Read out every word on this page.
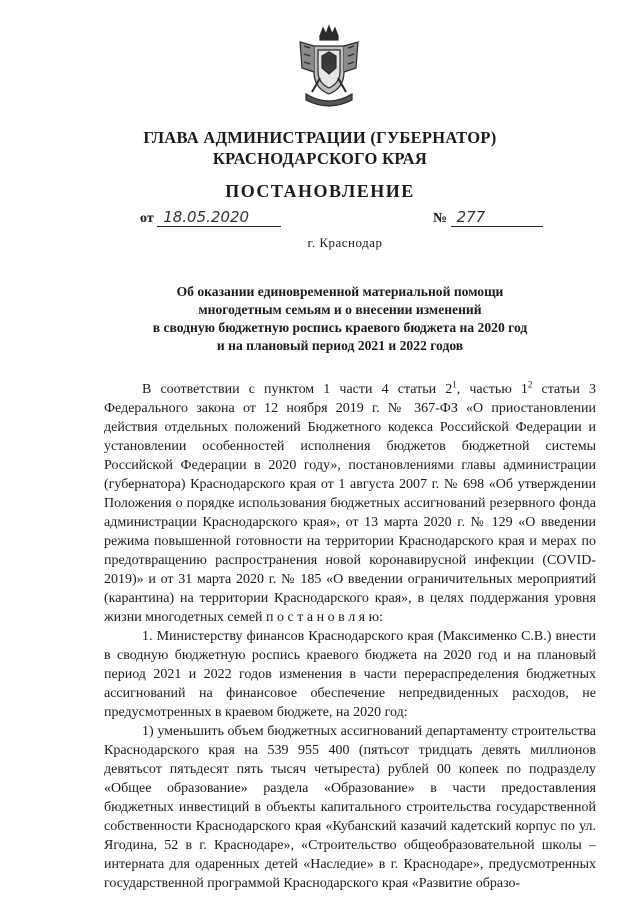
ГЛАВА АДМИНИСТРАЦИИ (ГУБЕРНАТОР)
КРАСНОДАРСКОГО КРАЯ
ПОСТАНОВЛЕНИЕ
от 18.05.2020	№ 277
г. Краснодар
Об оказании единовременной материальной помощи
многодетным семьям и о внесении изменений
в сводную бюджетную роспись краевого бюджета на 2020 год
и на плановый период 2021 и 2022 годов

В соответствии с пунктом 1 части 4 статьи $2^1$, частью $1^2$ статьи 3 Федерального закона от 12 ноября 2019 г. № 367-ФЗ «О приостановлении действия отдельных положений Бюджетного кодекса Российской Федерации и установлении особенностей исполнения бюджетов бюджетной системы Российской Федерации в 2020 году», постановлениями главы администрации (губернатора) Краснодарского края от 1 августа 2007 г. № 698 «Об утверждении Положения о порядке использования бюджетных ассигнований резервного фонда администрации Краснодарского края», от 13 марта 2020 г. № 129 «О введении режима повышенной готовности на территории Краснодарского края и мерах по предотвращению распространения новой коронавирусной инфекции (COVID-2019)» и от 31 марта 2020 г. № 185 «О введении ограничительных мероприятий (карантина) на территории Краснодарского края», в целях поддержания уровня жизни многодетных семей п о с т а н о в л я ю:

1. Министерству финансов Краснодарского края (Максименко С.В.) внести в сводную бюджетную роспись краевого бюджета на 2020 год и на плановый период 2021 и 2022 годов изменения в части перераспределения бюджетных ассигнований на финансовое обеспечение непредвиденных расходов, не предусмотренных в краевом бюджете, на 2020 год:

1) уменьшить объем бюджетных ассигнований департаменту строительства Краснодарского края на 539 955 400 (пятьсот тридцать девять миллионов девятьсот пятьдесят пять тысяч четыреста) рублей 00 копеек по подразделу «Общее образование» раздела «Образование» в части предоставления бюджетных инвестиций в объекты капитального строительства государственной собственности Краснодарского края «Кубанский казачий кадетский корпус по ул. Ягодина, 52 в г. Краснодаре», «Строительство общеобразовательной школы – интерната для одаренных детей «Наследие» в г. Краснодаре», предусмотренных государственной программой Краснодарского края «Развитие образо-
